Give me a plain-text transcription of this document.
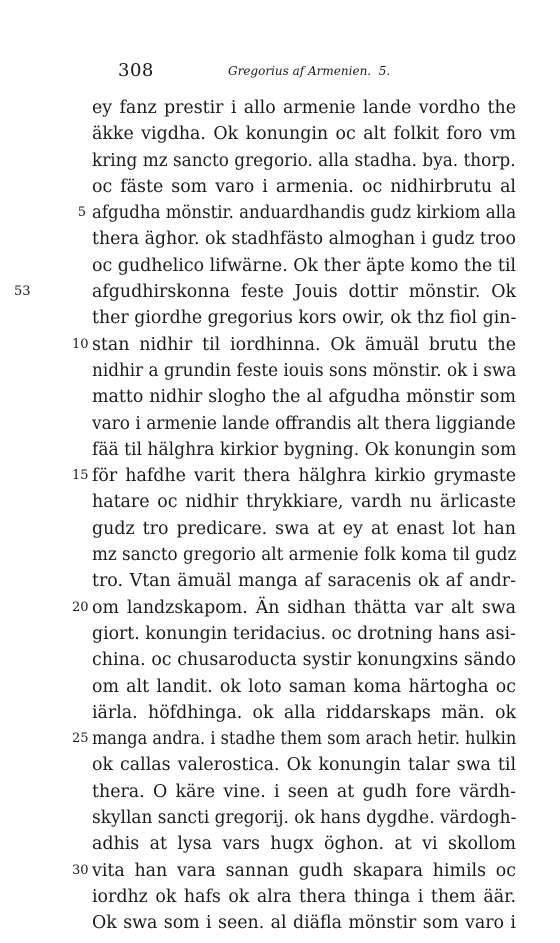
308	Gregorius af Armenien.  5.
ey fanz prestir i allo armenie lande vordho the
äkke vigdha. Ok konungin oc alt folkit foro vm
kring mz sancto gregorio. alla stadha. bya. thorp.
oc fäste som varo i armenia. oc nidhirbrutu al
5 afgudha mönstir. anduardhandis gudz kirkiom alla
thera äghor. ok stadhfästo almoghan i gudz troo
oc gudhelico lifwärne. Ok ther äpte komo the til
53	afgudhirskonna feste Jouis dottir mönstir. Ok
ther giordhe gregorius kors owir, ok thz fiol gin-
10 stan nidhir til iordhinna. Ok ämuäl brutu the
nidhir a grundin feste iouis sons mönstir. ok i swa
matto nidhir slogho the al afgudha mönstir som
varo i armenie lande offrandis alt thera liggiande
fää til hälghra kirkior bygning. Ok konungin som
15 för hafdhe varit thera hälghra kirkio grymaste
hatare oc nidhir thrykkiare, vardh nu ärlicaste
gudz tro predicare. swa at ey at enast lot han
mz sancto gregorio alt armenie folk koma til gudz
tro. Vtan ämuäl manga af saracenis ok af andr-
20 om landzskapom. Än sidhan thätta var alt swa
giort. konungin teridacius. oc drotning hans asi-
china. oc chusaroducta systir konungxins sändo
om alt landit. ok loto saman koma härtogha oc
iärla. höfdhinga. ok alla riddarskaps män. ok
25 manga andra. i stadhe them som arach hetir. hulkin
ok callas valerostica. Ok konungin talar swa til
thera. O käre vine. i seen at gudh fore värdh-
skyllan sancti gregorij. ok hans dygdhe. värdogh-
adhis at lysa vars hugx öghon. at vi skollom
30 vita han vara sannan gudh skapara himils oc
iordhz ok hafs ok alra thera thinga i them äär.
Ok swa som i seen. al diäfla mönstir som varo i
